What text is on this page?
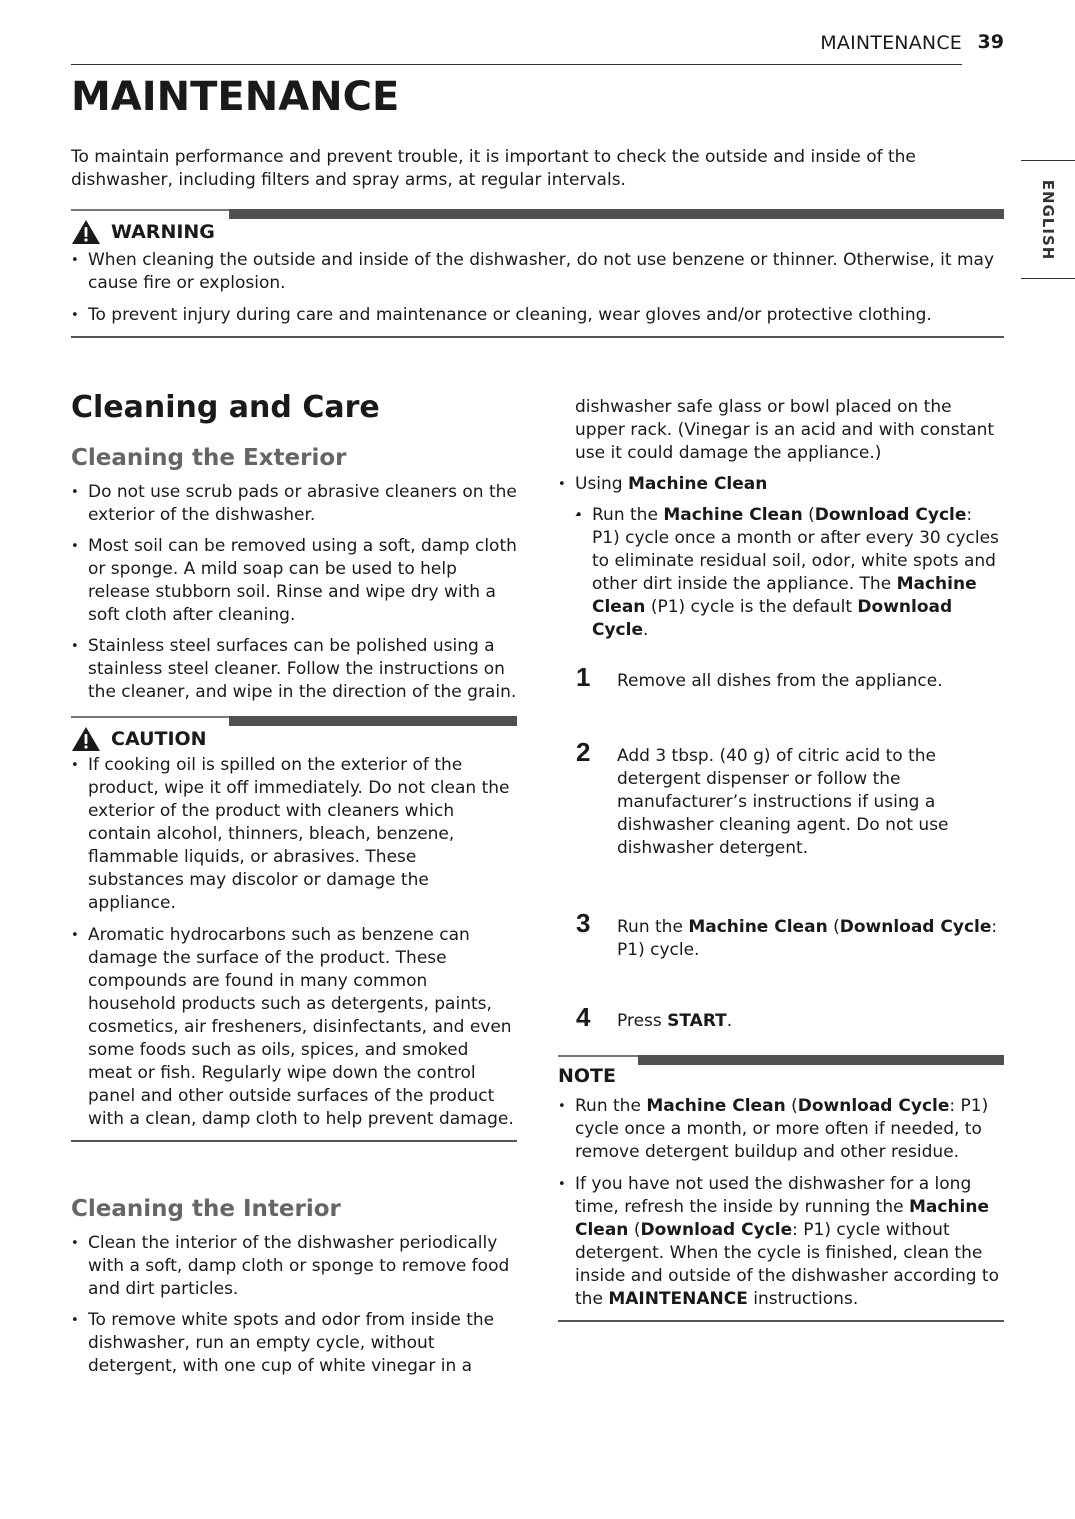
MAINTENANCE 39
ENGLISH
MAINTENANCE

To maintain performance and prevent trouble, it is important to check the outside and inside of the dishwasher, including filters and spray arms, at regular intervals.

WARNING
• When cleaning the outside and inside of the dishwasher, do not use benzene or thinner. Otherwise, it may cause fire or explosion.
• To prevent injury during care and maintenance or cleaning, wear gloves and/or protective clothing.
Cleaning and Care
Cleaning the Exterior
• Do not use scrub pads or abrasive cleaners on the exterior of the dishwasher.
• Most soil can be removed using a soft, damp cloth or sponge. A mild soap can be used to help release stubborn soil. Rinse and wipe dry with a soft cloth after cleaning.
• Stainless steel surfaces can be polished using a stainless steel cleaner. Follow the instructions on the cleaner, and wipe in the direction of the grain.
CAUTION
• If cooking oil is spilled on the exterior of the product, wipe it off immediately. Do not clean the exterior of the product with cleaners which contain alcohol, thinners, bleach, benzene, flammable liquids, or abrasives. These substances may discolor or damage the appliance.
• Aromatic hydrocarbons such as benzene can damage the surface of the product. These compounds are found in many common household products such as detergents, paints, cosmetics, air fresheners, disinfectants, and even some foods such as oils, spices, and smoked meat or fish. Regularly wipe down the control panel and other outside surfaces of the product with a clean, damp cloth to help prevent damage.
Cleaning the Interior
• Clean the interior of the dishwasher periodically with a soft, damp cloth or sponge to remove food and dirt particles.
• To remove white spots and odor from inside the dishwasher, run an empty cycle, without detergent, with one cup of white vinegar in a
dishwasher safe glass or bowl placed on the upper rack. (Vinegar is an acid and with constant use it could damage the appliance.)
• Using Machine Clean
• - Run the Machine Clean (Download Cycle: P1) cycle once a month or after every 30 cycles to eliminate residual soil, odor, white spots and other dirt inside the appliance. The Machine Clean (P1) cycle is the default Download Cycle.
1 Remove all dishes from the appliance.
2 Add 3 tbsp. (40 g) of citric acid to the detergent dispenser or follow the manufacturer’s instructions if using a dishwasher cleaning agent. Do not use dishwasher detergent.
3 Run the Machine Clean (Download Cycle: P1) cycle.
4 Press START.
NOTE
• Run the Machine Clean (Download Cycle: P1) cycle once a month, or more often if needed, to remove detergent buildup and other residue.
• If you have not used the dishwasher for a long time, refresh the inside by running the Machine Clean (Download Cycle: P1) cycle without detergent. When the cycle is finished, clean the inside and outside of the dishwasher according to the MAINTENANCE instructions.
